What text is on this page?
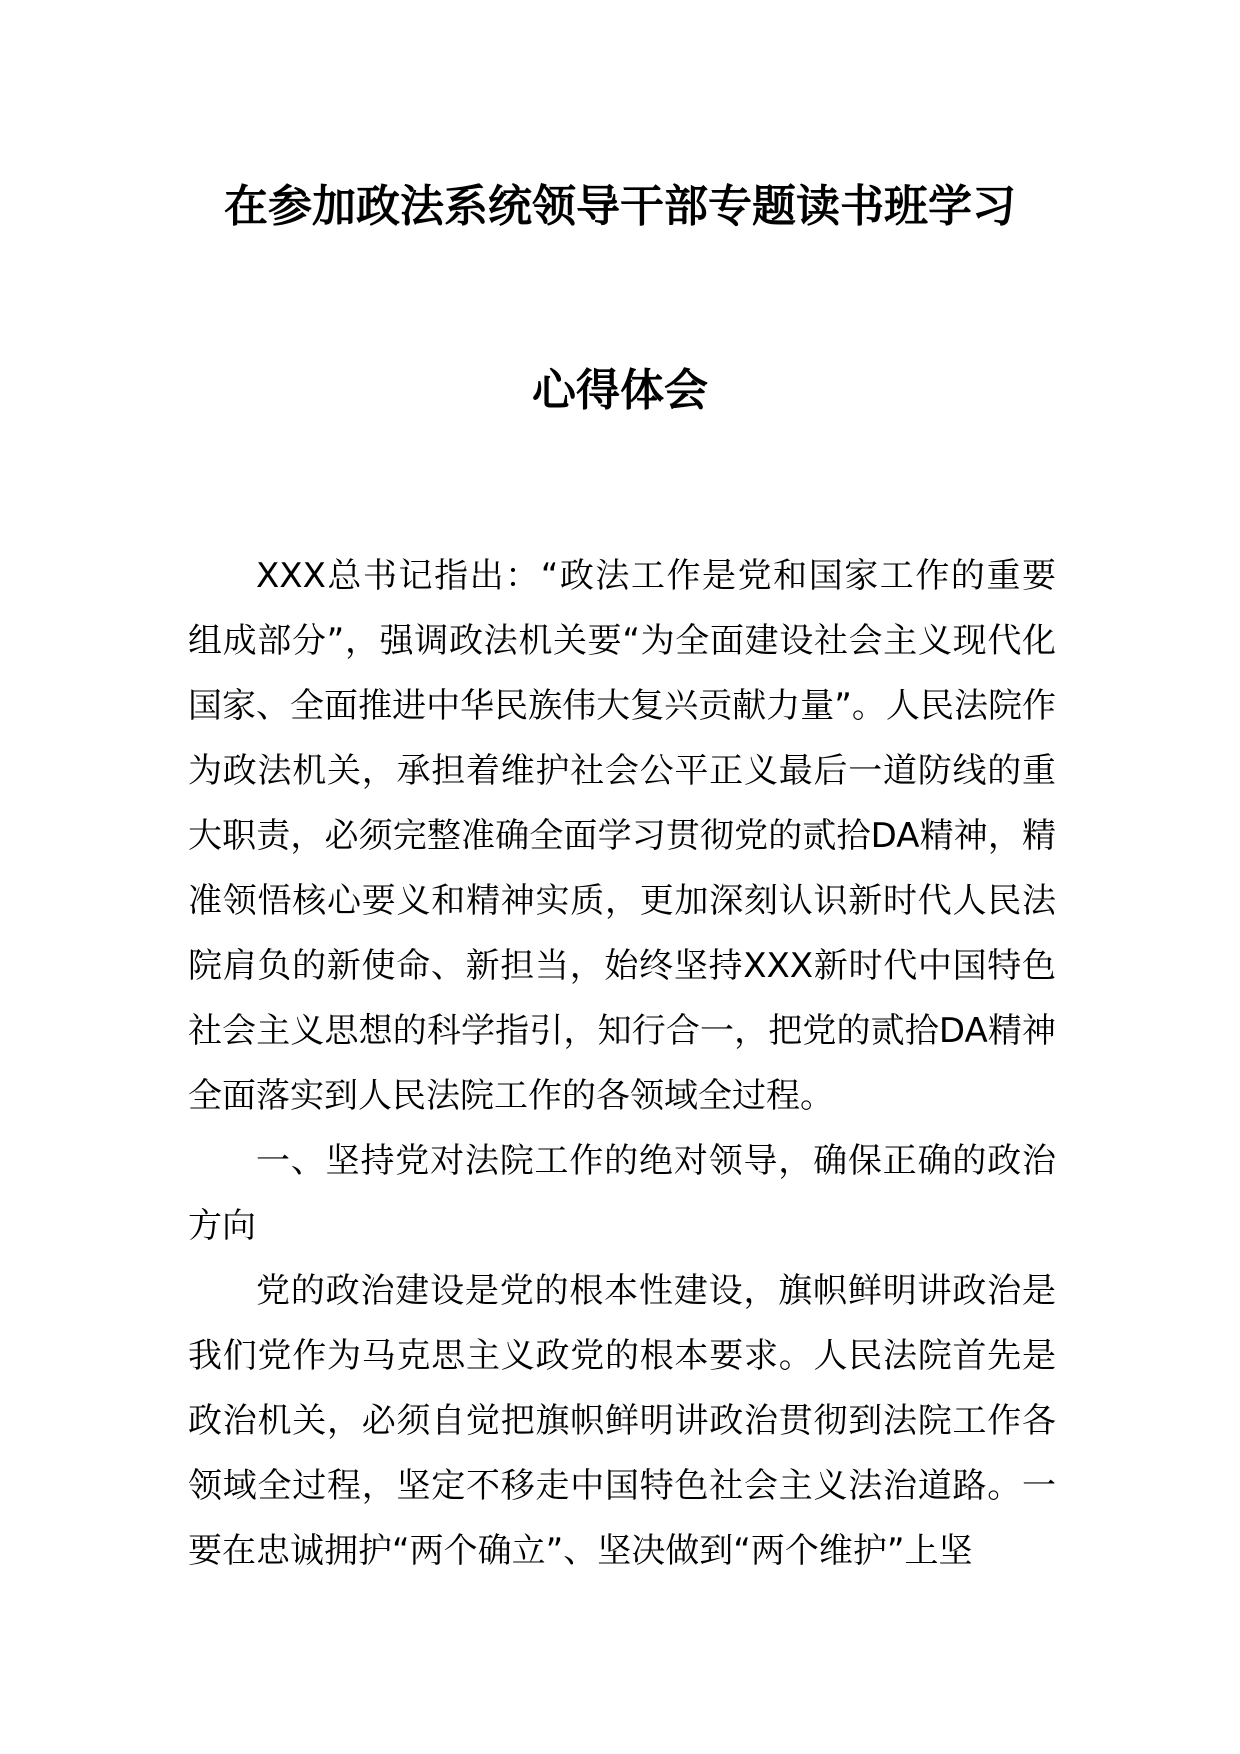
在参加政法系统领导干部专题读书班学习
心得体会

XXX总书记指出：“政法工作是党和国家工作的重要组成部分”，强调政法机关要“为全面建设社会主义现代化国家、全面推进中华民族伟大复兴贡献力量”。人民法院作为政法机关，承担着维护社会公平正义最后一道防线的重大职责，必须完整准确全面学习贯彻党的贰拾DA精神，精准领悟核心要义和精神实质，更加深刻认识新时代人民法院肩负的新使命、新担当，始终坚持XXX新时代中国特色社会主义思想的科学指引，知行合一，把党的贰拾DA精神全面落实到人民法院工作的各领域全过程。

一、坚持党对法院工作的绝对领导，确保正确的政治方向

党的政治建设是党的根本性建设，旗帜鲜明讲政治是我们党作为马克思主义政党的根本要求。人民法院首先是政治机关，必须自觉把旗帜鲜明讲政治贯彻到法院工作各领域全过程，坚定不移走中国特色社会主义法治道路。一要在忠诚拥护“两个确立”、坚决做到“两个维护”上坚
